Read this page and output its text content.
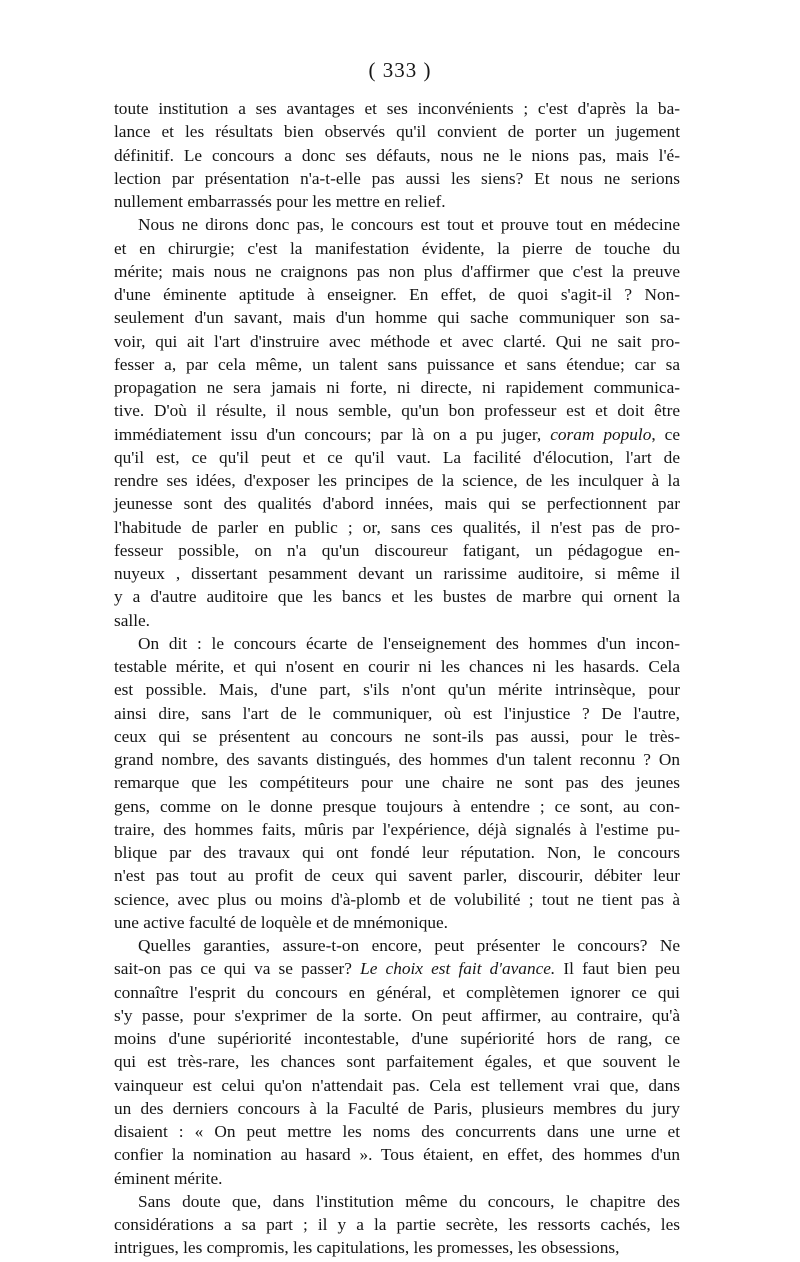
( 333 )
toute institution a ses avantages et ses inconvénients ; c'est d'après la ba-
lance et les résultats bien observés qu'il convient de porter un jugement
définitif. Le concours a donc ses défauts, nous ne le nions pas, mais l'é-
lection par présentation n'a-t-elle pas aussi les siens? Et nous ne serions
nullement embarrassés pour les mettre en relief.
Nous ne dirons donc pas, le concours est tout et prouve tout en médecine
et en chirurgie; c'est la manifestation évidente, la pierre de touche du
mérite; mais nous ne craignons pas non plus d'affirmer que c'est la preuve
d'une éminente aptitude à enseigner. En effet, de quoi s'agit-il ? Non-
seulement d'un savant, mais d'un homme qui sache communiquer son sa-
voir, qui ait l'art d'instruire avec méthode et avec clarté. Qui ne sait pro-
fesser a, par cela même, un talent sans puissance et sans étendue; car sa
propagation ne sera jamais ni forte, ni directe, ni rapidement communica-
tive. D'où il résulte, il nous semble, qu'un bon professeur est et doit être
immédiatement issu d'un concours; par là on a pu juger, coram populo, ce
qu'il est, ce qu'il peut et ce qu'il vaut. La facilité d'élocution, l'art de
rendre ses idées, d'exposer les principes de la science, de les inculquer à la
jeunesse sont des qualités d'abord innées, mais qui se perfectionnent par
l'habitude de parler en public ; or, sans ces qualités, il n'est pas de pro-
fesseur possible, on n'a qu'un discoureur fatigant, un pédagogue en-
nuyeux , dissertant pesamment devant un rarissime auditoire, si même il
y a d'autre auditoire que les bancs et les bustes de marbre qui ornent la
salle.
On dit : le concours écarte de l'enseignement des hommes d'un incon-
testable mérite, et qui n'osent en courir ni les chances ni les hasards. Cela
est possible. Mais, d'une part, s'ils n'ont qu'un mérite intrinsèque, pour
ainsi dire, sans l'art de le communiquer, où est l'injustice ? De l'autre,
ceux qui se présentent au concours ne sont-ils pas aussi, pour le très-
grand nombre, des savants distingués, des hommes d'un talent reconnu ? On
remarque que les compétiteurs pour une chaire ne sont pas des jeunes
gens, comme on le donne presque toujours à entendre ; ce sont, au con-
traire, des hommes faits, mûris par l'expérience, déjà signalés à l'estime pu-
blique par des travaux qui ont fondé leur réputation. Non, le concours
n'est pas tout au profit de ceux qui savent parler, discourir, débiter leur
science, avec plus ou moins d'à-plomb et de volubilité ; tout ne tient pas à
une active faculté de loquèle et de mnémonique.
Quelles garanties, assure-t-on encore, peut présenter le concours? Ne
sait-on pas ce qui va se passer? Le choix est fait d'avance. Il faut bien peu
connaître l'esprit du concours en général, et complètemen ignorer ce qui
s'y passe, pour s'exprimer de la sorte. On peut affirmer, au contraire, qu'à
moins d'une supériorité incontestable, d'une supériorité hors de rang, ce
qui est très-rare, les chances sont parfaitement égales, et que souvent le
vainqueur est celui qu'on n'attendait pas. Cela est tellement vrai que, dans
un des derniers concours à la Faculté de Paris, plusieurs membres du jury
disaient : « On peut mettre les noms des concurrents dans une urne et
confier la nomination au hasard ». Tous étaient, en effet, des hommes d'un
éminent mérite.
Sans doute que, dans l'institution même du concours, le chapitre des
considérations a sa part ; il y a la partie secrète, les ressorts cachés, les
intrigues, les compromis, les capitulations, les promesses, les obsessions,
